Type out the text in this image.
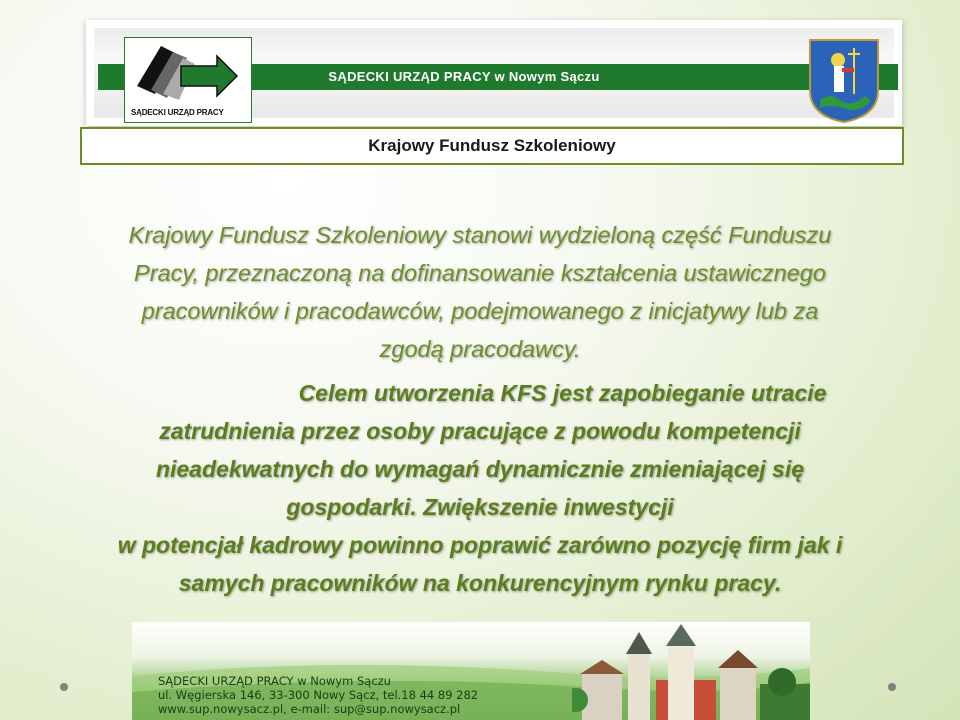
SĄDECKI URZĄD PRACY w Nowym Sączu
SĄDECKI URZĄD PRACY
Krajowy Fundusz Szkoleniowy
Krajowy Fundusz Szkoleniowy stanowi wydzieloną część Funduszu
Pracy, przeznaczoną na dofinansowanie kształcenia ustawicznego
pracowników i pracodawców, podejmowanego z inicjatywy lub za
zgodą pracodawcy.
Celem utworzenia KFS jest zapobieganie utracie
zatrudnienia przez osoby pracujące z powodu kompetencji
nieadekwatnych do wymagań dynamicznie zmieniającej się
gospodarki. Zwiększenie inwestycji
w potencjał kadrowy powinno poprawić zarówno pozycję firm jak i
samych pracowników na konkurencyjnym rynku pracy.
SĄDECKI URZĄD PRACY w Nowym Sączu
ul. Węgierska 146, 33-300 Nowy Sącz, tel.18 44 89 282
www.sup.nowysacz.pl, e-mail: sup@sup.nowysacz.pl
